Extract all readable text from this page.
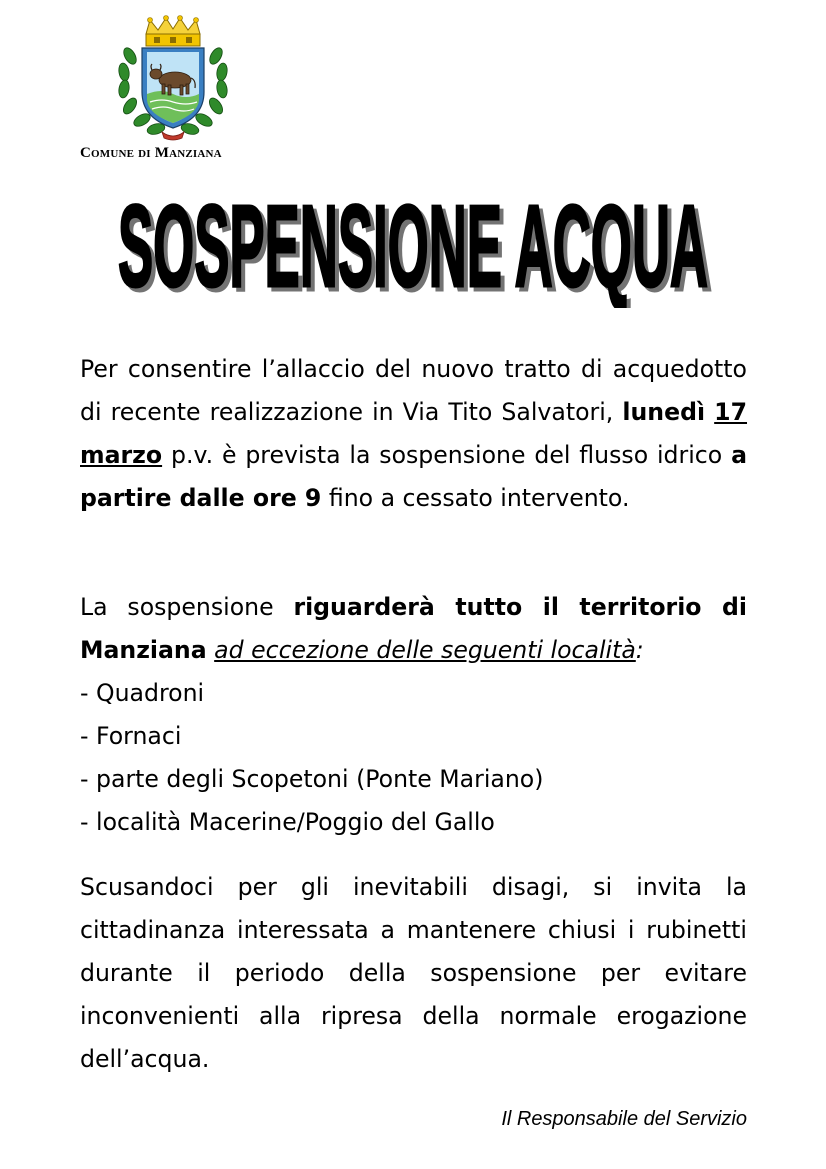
Comune di Manziana
SOSPENSIONE ACQUA
Per consentire l’allaccio del nuovo tratto di acquedotto di recente realizzazione in Via Tito Salvatori, lunedì 17 marzo p.v. è prevista la sospensione del flusso idrico a partire dalle ore 9 fino a cessato intervento.
La sospensione riguarderà tutto il territorio di Manziana ad eccezione delle seguenti località:
- Quadroni
- Fornaci
- parte degli Scopetoni (Ponte Mariano)
- località Macerine/Poggio del Gallo
Scusandoci per gli inevitabili disagi, si invita la cittadinanza interessata a mantenere chiusi i rubinetti durante il periodo della sospensione per evitare inconvenienti alla ripresa della normale erogazione dell’acqua.
Il Responsabile del Servizio
